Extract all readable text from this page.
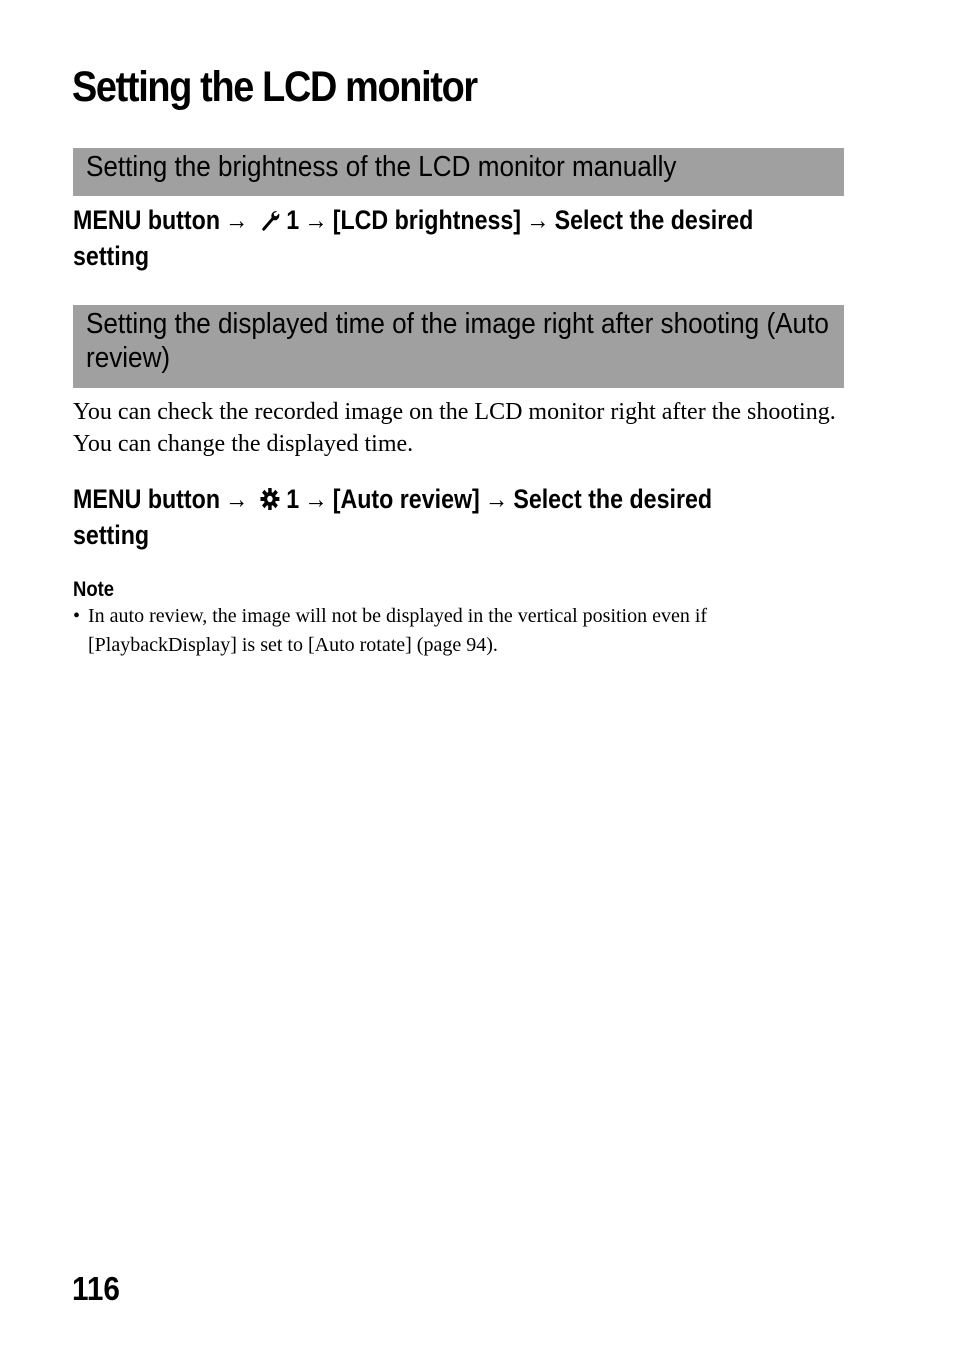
Setting the LCD monitor
Setting the brightness of the LCD monitor manually
MENU button → 1 → [LCD brightness] → Select the desired
setting
Setting the displayed time of the image right after shooting (Auto review)

You can check the recorded image on the LCD monitor right after the shooting. You can change the displayed time.

MENU button → 1 → [Auto review] → Select the desired
setting
Note
• In auto review, the image will not be displayed in the vertical position even if [PlaybackDisplay] is set to [Auto rotate] (page 94).
116
